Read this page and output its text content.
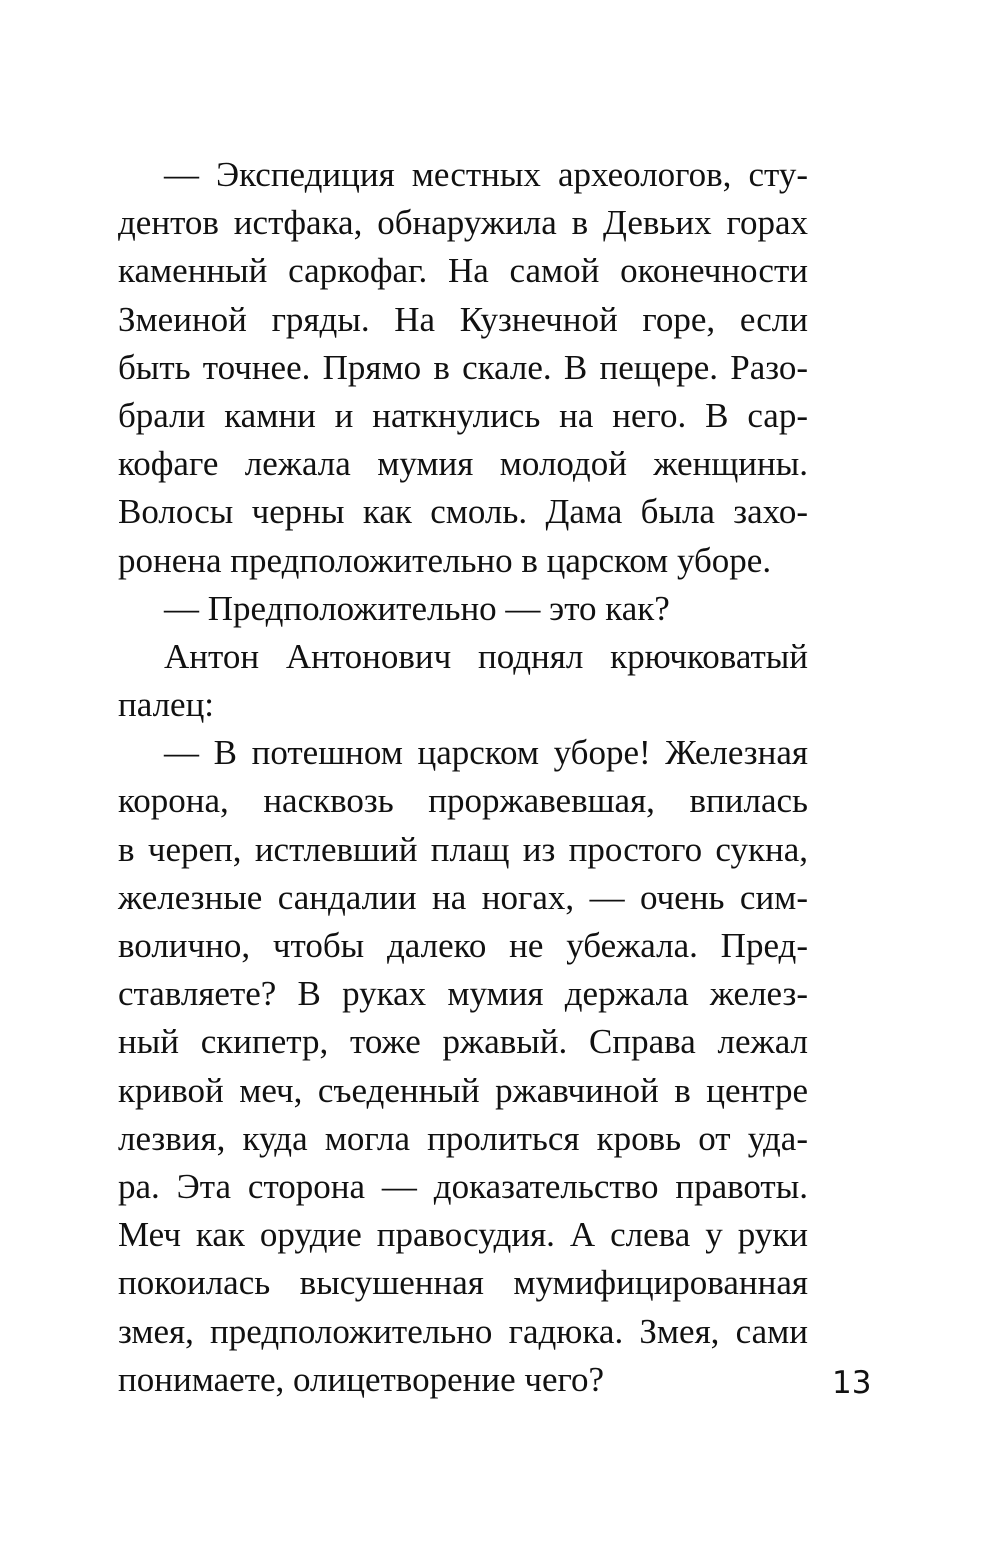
— Экспедиция местных археологов, сту-
дентов истфака, обнаружила в Девьих горах
каменный саркофаг. На самой оконечности
Змеиной гряды. На Кузнечной горе, если
быть точнее. Прямо в скале. В пещере. Разо-
брали камни и наткнулись на него. В сар-
кофаге лежала мумия молодой женщины.
Волосы черны как смоль. Дама была захо-
ронена предположительно в царском уборе.
— Предположительно — это как?
Антон Антонович поднял крючковатый
палец:
— В потешном царском уборе! Железная
корона, насквозь проржавевшая, впилась
в череп, истлевший плащ из простого сукна,
железные сандалии на ногах, — очень сим-
волично, чтобы далеко не убежала. Пред-
ставляете? В руках мумия держала желез-
ный скипетр, тоже ржавый. Справа лежал
кривой меч, съеденный ржавчиной в центре
лезвия, куда могла пролиться кровь от уда-
ра. Эта сторона — доказательство правоты.
Меч как орудие правосудия. А слева у руки
покоилась высушенная мумифицированная
змея, предположительно гадюка. Змея, сами
понимаете, олицетворение чего?	13
